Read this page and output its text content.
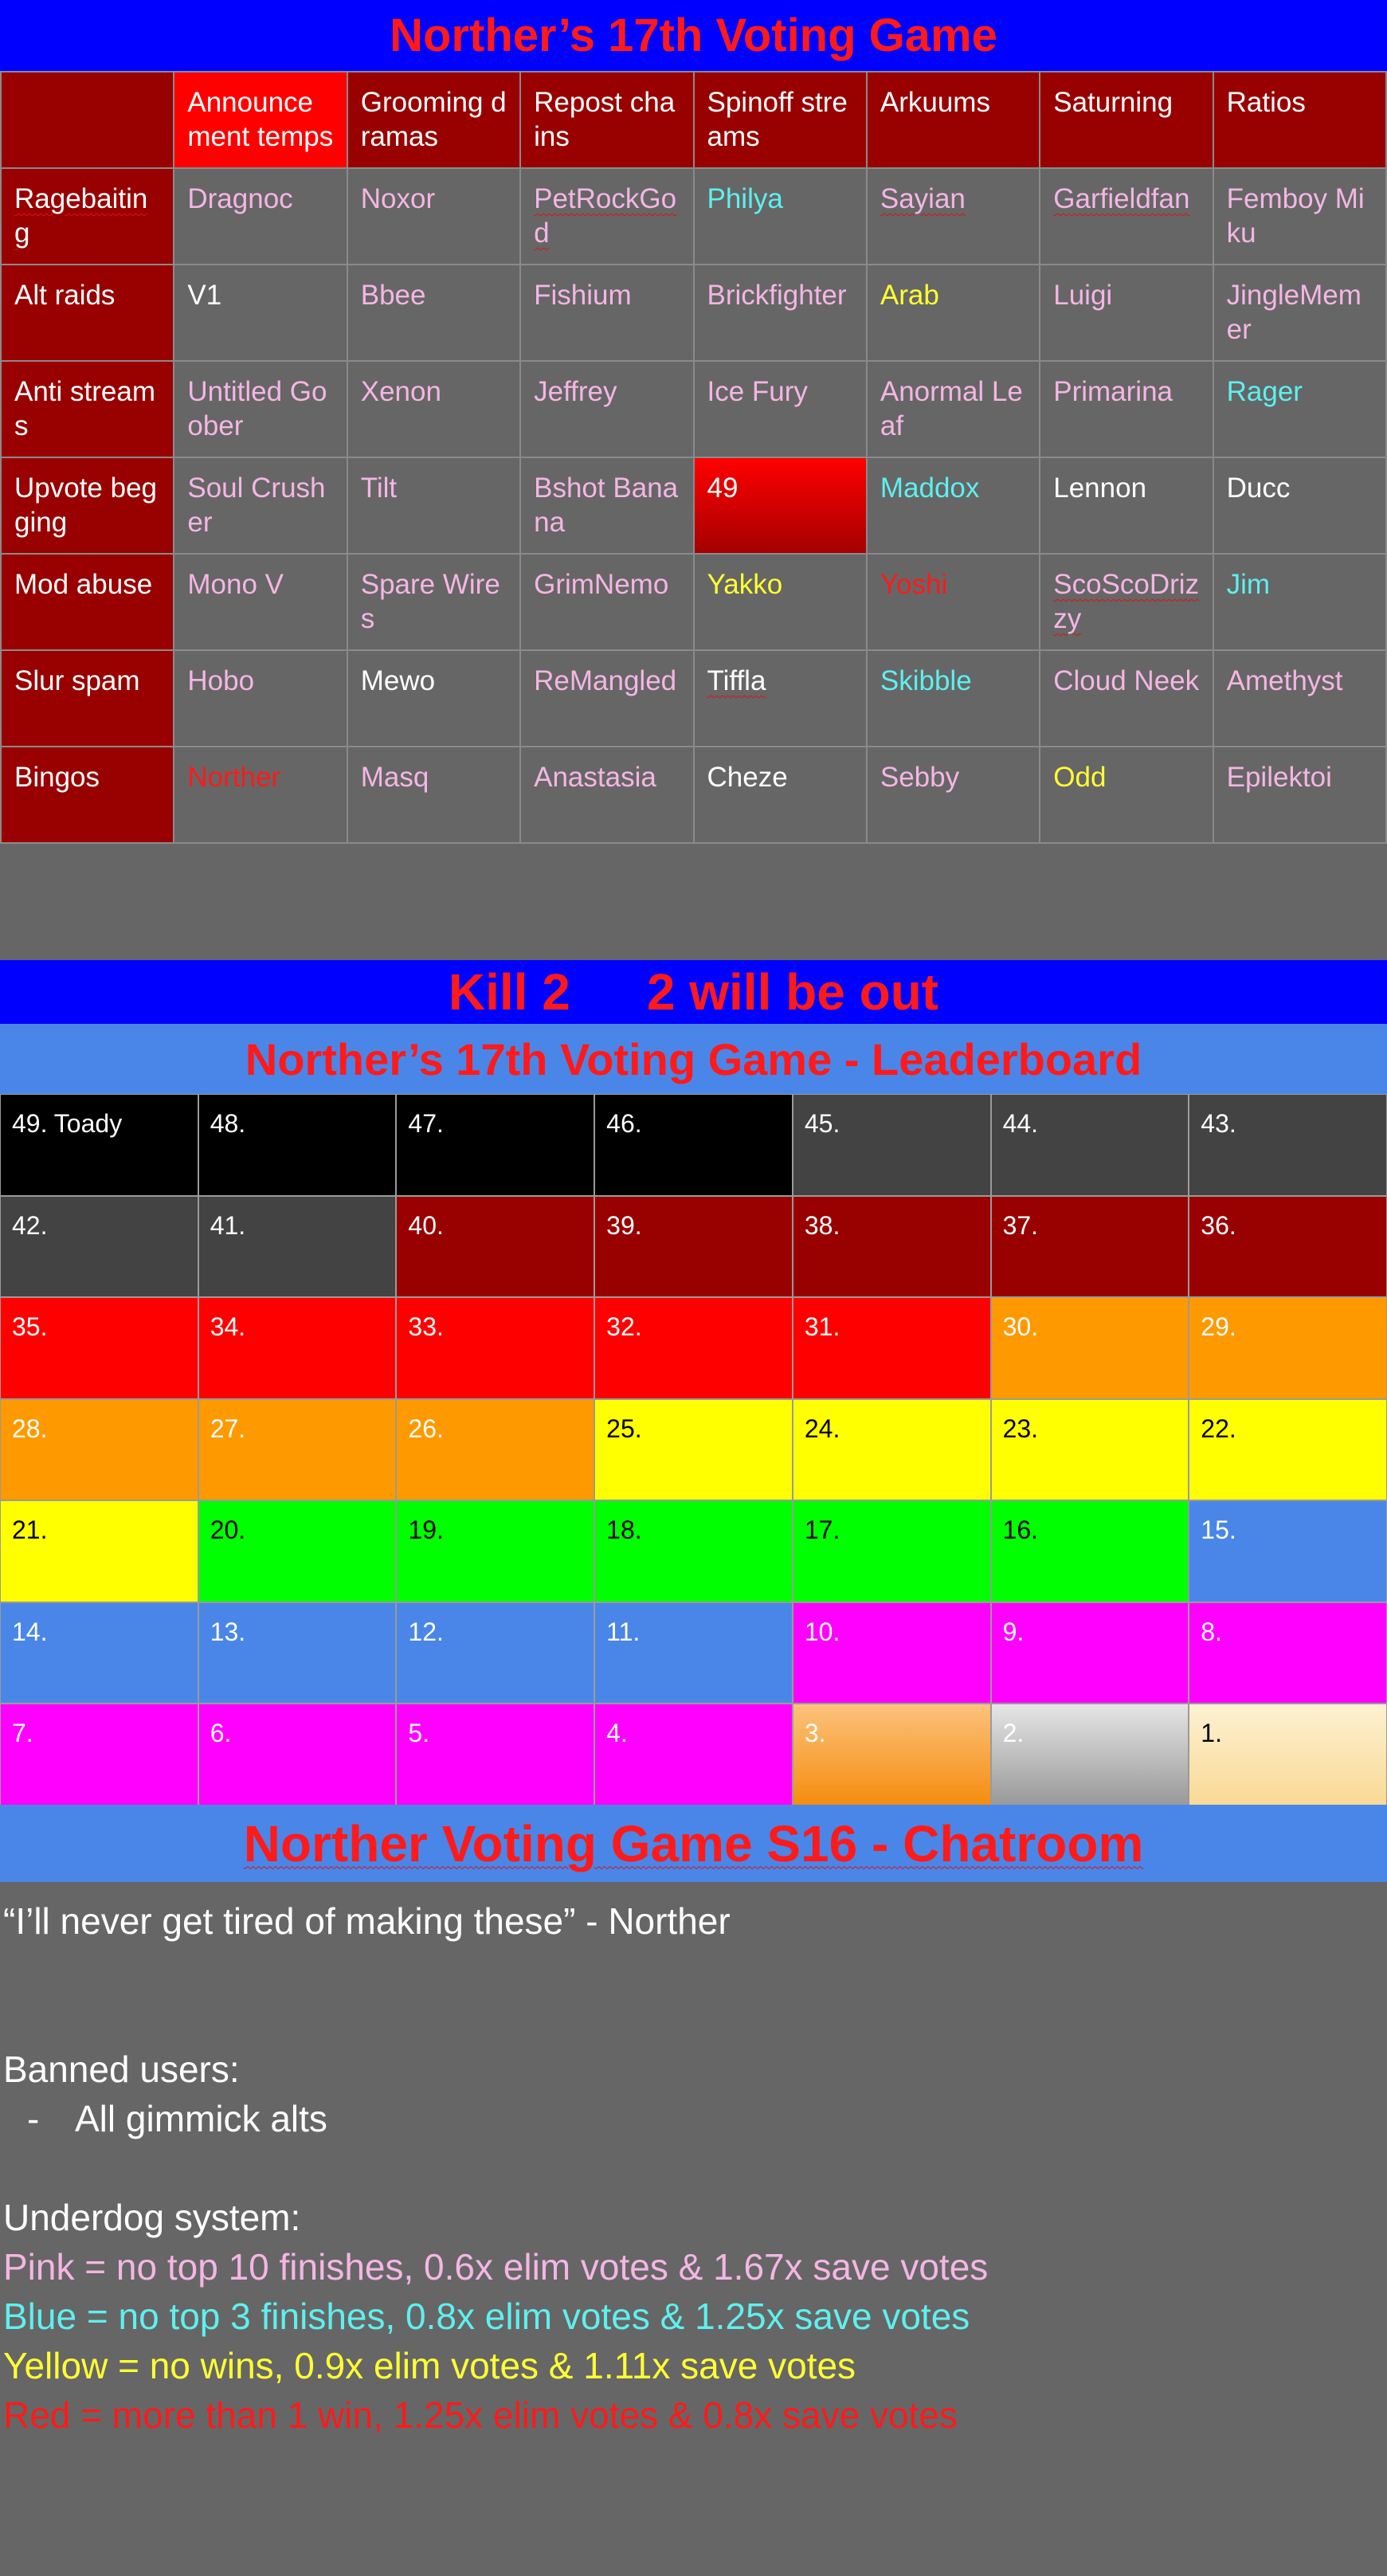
Norther’s 17th Voting Game
	Announce ment temps	Grooming dramas	Repost chains	Spinoff streams	Arkuums	Saturning	Ratios
Ragebaiting	Dragnoc	Noxor	PetRockGod	Philya	Sayian	Garfieldfan	Femboy Miku
Alt raids	V1	Bbee	Fishium	Brickfighter	Arab	Luigi	JingleMemer
Anti streams	Untitled Goober	Xenon	Jeffrey	Ice Fury	Anormal Leaf	Primarina	Rager
Upvote begging	Soul Crusher	Tilt	Bshot Banana	49	Maddox	Lennon	Ducc
Mod abuse	Mono V	Spare Wires	GrimNemo	Yakko	Yoshi	ScoScoDrizzy	Jim
Slur spam	Hobo	Mewo	ReMangled	Tiffla	Skibble	Cloud Neek	Amethyst
Bingos	Norther	Masq	Anastasia	Cheze	Sebby	Odd	Epilektoi
Kill 2 2 will be out
Norther’s 17th Voting Game - Leaderboard
49. Toady	48.	47.	46.	45.	44.	43.
42.	41.	40.	39.	38.	37.	36.
35.	34.	33.	32.	31.	30.	29.
28.	27.	26.	25.	24.	23.	22.
21.	20.	19.	18.	17.	16.	15.
14.	13.	12.	11.	10.	9.	8.
7.	6.	5.	4.	3.	2.	1.
Norther Voting Game S16 - Chatroom

“I’ll never get tired of making these” - Norther

Banned users:

- All gimmick alts

Underdog system:

Pink = no top 10 finishes, 0.6x elim votes & 1.67x save votes

Blue = no top 3 finishes, 0.8x elim votes & 1.25x save votes

Yellow = no wins, 0.9x elim votes & 1.11x save votes

Red = more than 1 win, 1.25x elim votes & 0.8x save votes
